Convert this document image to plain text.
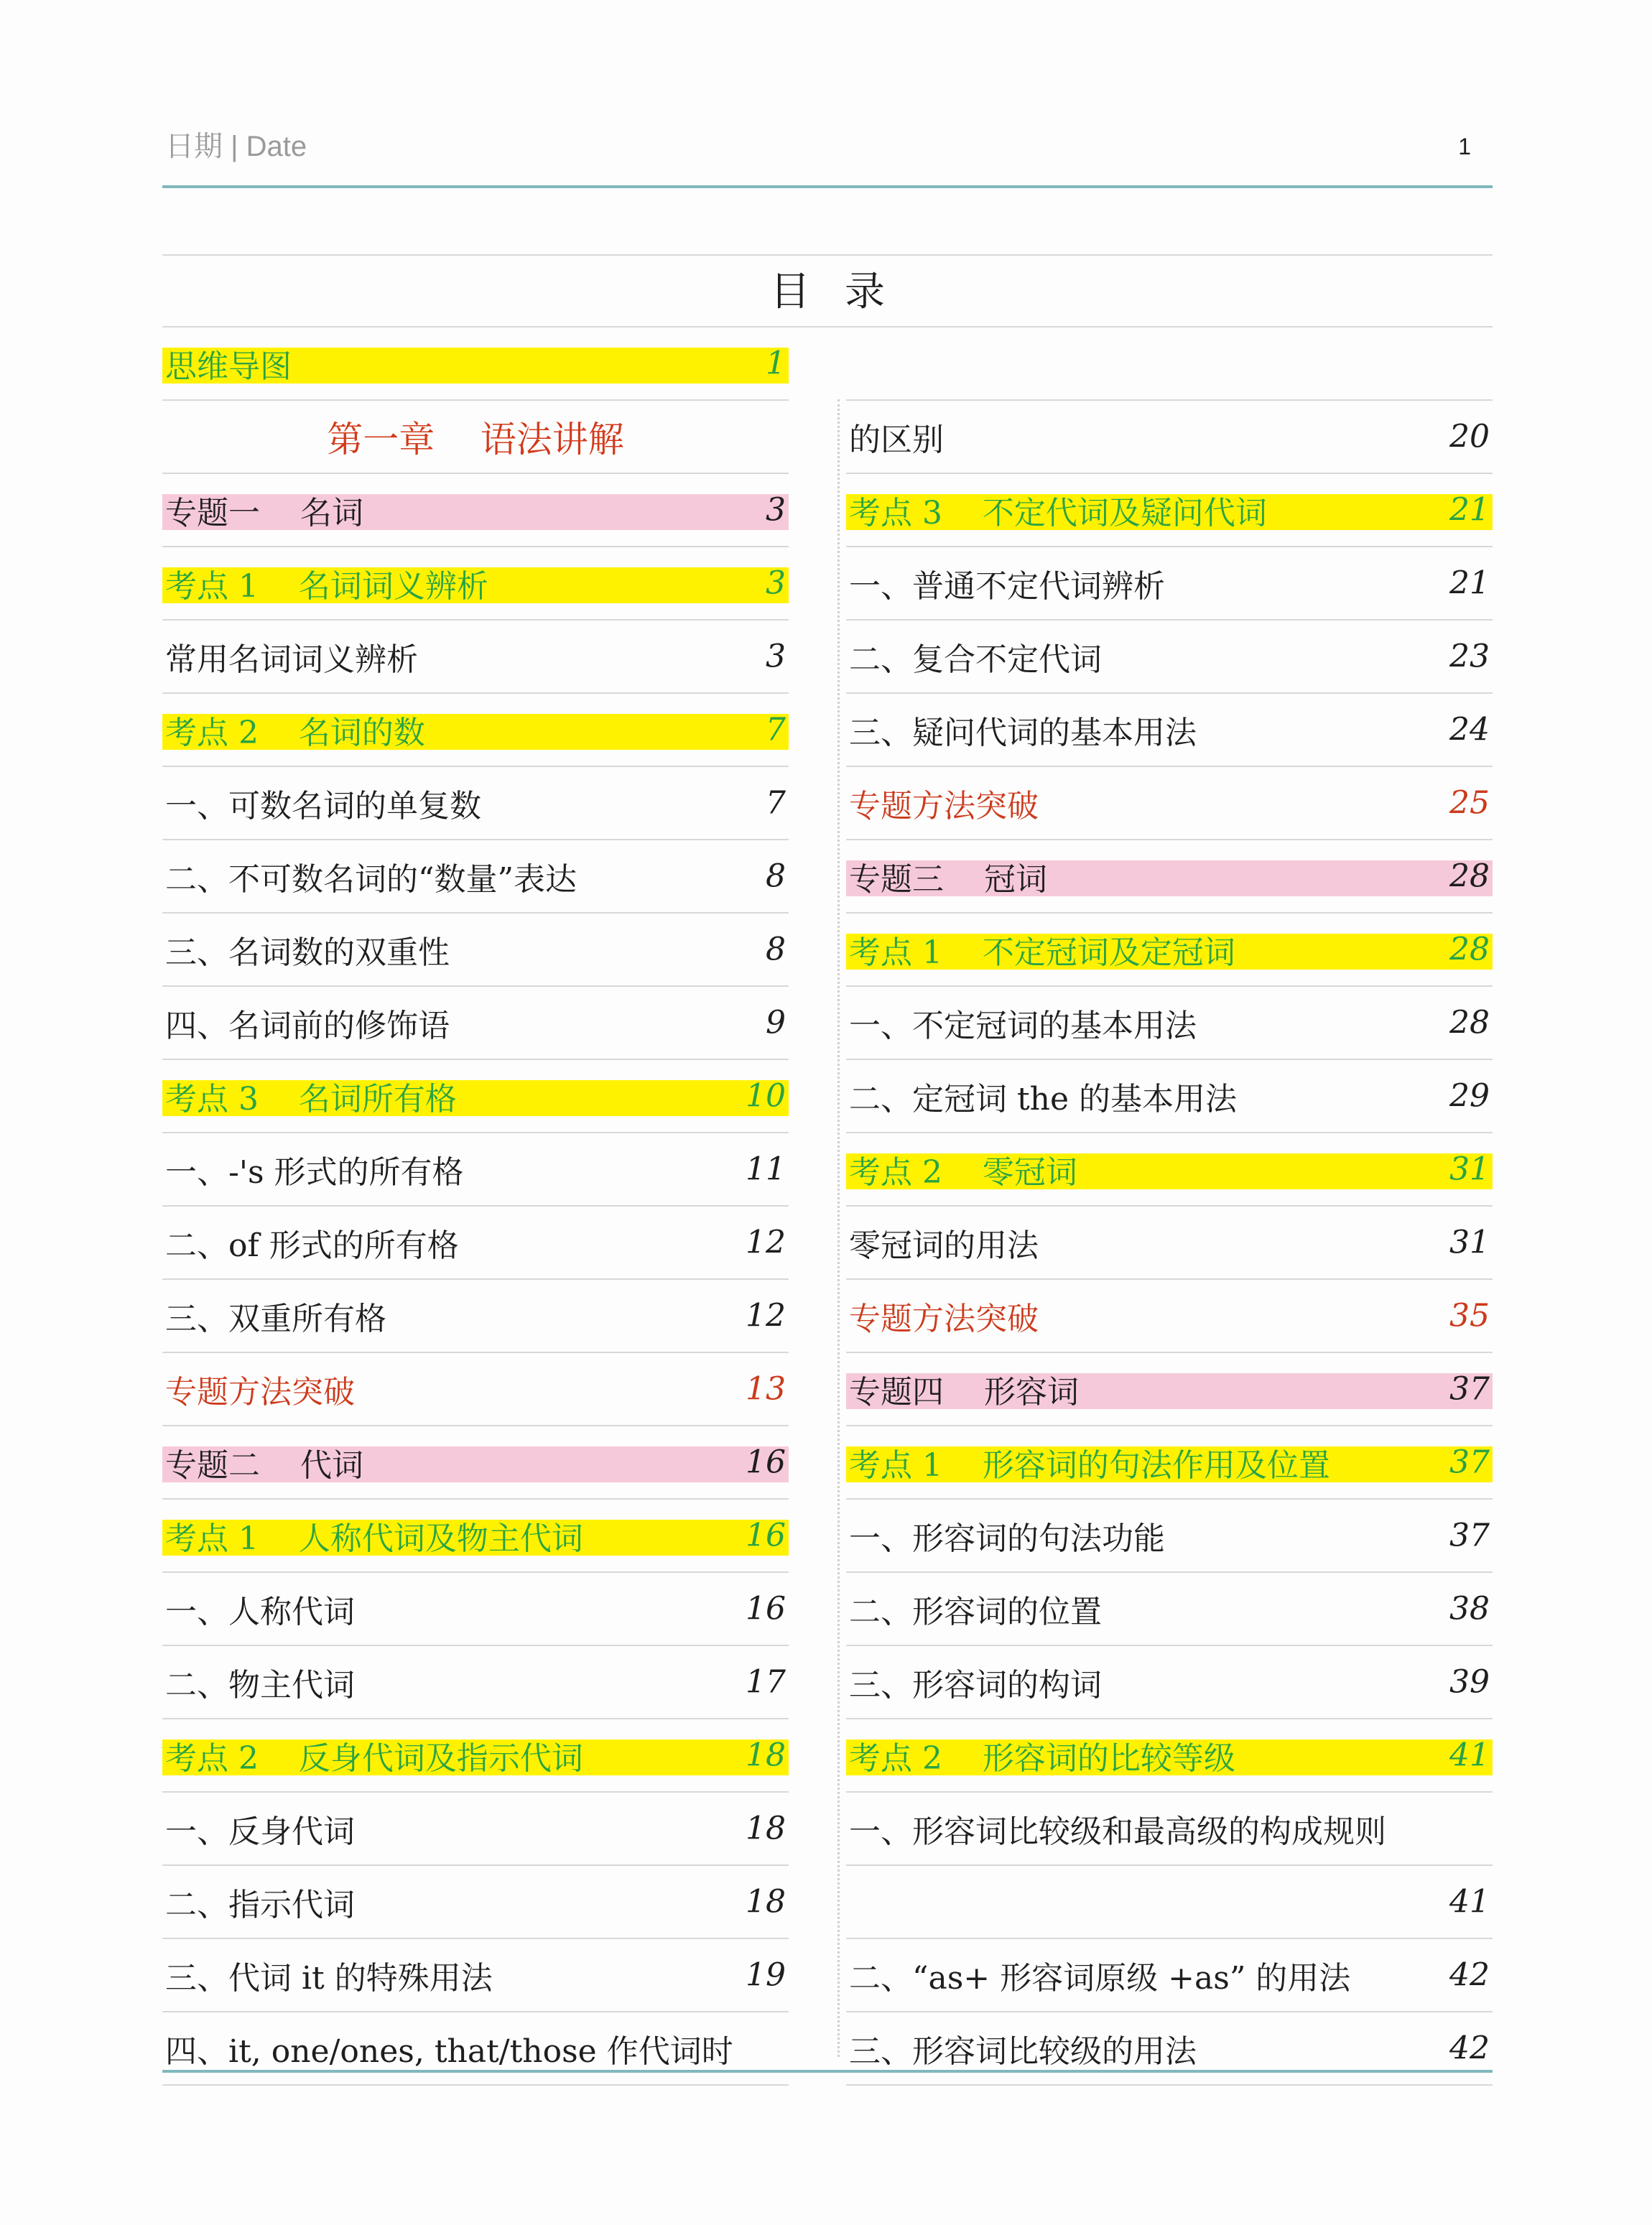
日期 | Date	1
目录
思维导图	1
第一章    语法讲解
专题一    名词	3
考点 1    名词词义辨析	3
常用名词词义辨析	3
考点 2    名词的数	7
一、可数名词的单复数	7
二、不可数名词的“数量”表达	8
三、名词数的双重性	8
四、名词前的修饰语	9
考点 3    名词所有格	10
一、-'s 形式的所有格	11
二、of 形式的所有格	12
三、双重所有格	12
专题方法突破	13
专题二    代词	16
考点 1    人称代词及物主代词	16
一、人称代词	16
二、物主代词	17
考点 2    反身代词及指示代词	18
一、反身代词	18
二、指示代词	18
三、代词 it 的特殊用法	19
四、it, one/ones, that/those 作代词时
的区别	20
考点 3    不定代词及疑问代词	21
一、普通不定代词辨析	21
二、复合不定代词	23
三、疑问代词的基本用法	24
专题方法突破	25
专题三    冠词	28
考点 1    不定冠词及定冠词	28
一、不定冠词的基本用法	28
二、定冠词 the 的基本用法	29
考点 2    零冠词	31
零冠词的用法	31
专题方法突破	35
专题四    形容词	37
考点 1    形容词的句法作用及位置	37
一、形容词的句法功能	37
二、形容词的位置	38
三、形容词的构词	39
考点 2    形容词的比较等级	41
一、形容词比较级和最高级的构成规则
41
二、“as+ 形容词原级 +as” 的用法	42
三、形容词比较级的用法	42
